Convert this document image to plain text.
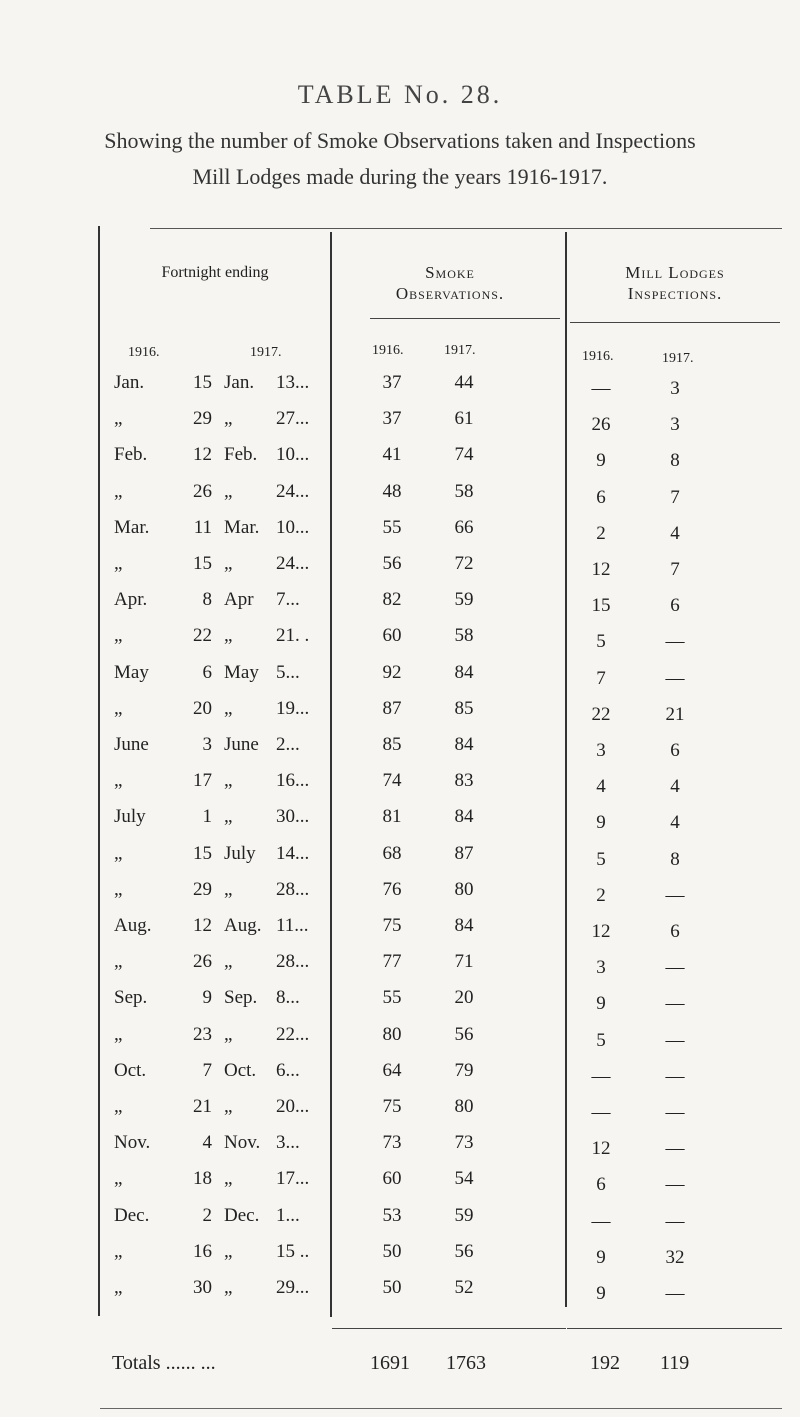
TABLE No. 28.
Showing the number of Smoke Observations taken and Inspections
Mill Lodges made during the years 1916-1917.
Fortnight ending	Smoke
Observations.
Mill Lodges
Inspections.
1916.	1917.	1916.	1917.	1916.	1917.
Jan.	15 Jan. 13...	37	44	—	3
„	29 „ 27...	37	61	26	3
Feb.	12 Feb. 10...	41	74	9	8
„	26 „ 24...	48	58	6	7
Mar.	11 Mar. 10...	55	66	2	4
„	15 „ 24...	56	72	12	7
Apr.	8 Apr 7...	82	59	15	6
„	22 „ 21. .	60	58	5	—
May	6 May 5...	92	84	7	—
„	20 „ 19...	87	85	22	21
June	3 June 2...	85	84	3	6
„	17 „ 16...	74	83	4	4
July	1 „ 30...	81	84	9	4
„	15 July 14...	68	87	5	8
„	29 „ 28...	76	80	2	—
Aug.	12 Aug. 11...	75	84	12	6
„	26 „ 28...	77	71	3	—
Sep.	9 Sep. 8...	55	20	9	—
„	23 „ 22...	80	56	5	—
Oct.	7 Oct. 6...	64	79	—	—
„	21 „ 20...	75	80	—	—
Nov.	4 Nov. 3...	73	73	12	—
„	18 „ 17...	60	54	6	—
Dec.	2 Dec. 1...	53	59	—	—
„	16 „ 15 ..	50	56	9	32
„	30 „ 29...	50	52	9	—
Totals ...... ...	1691 1763	192 119
